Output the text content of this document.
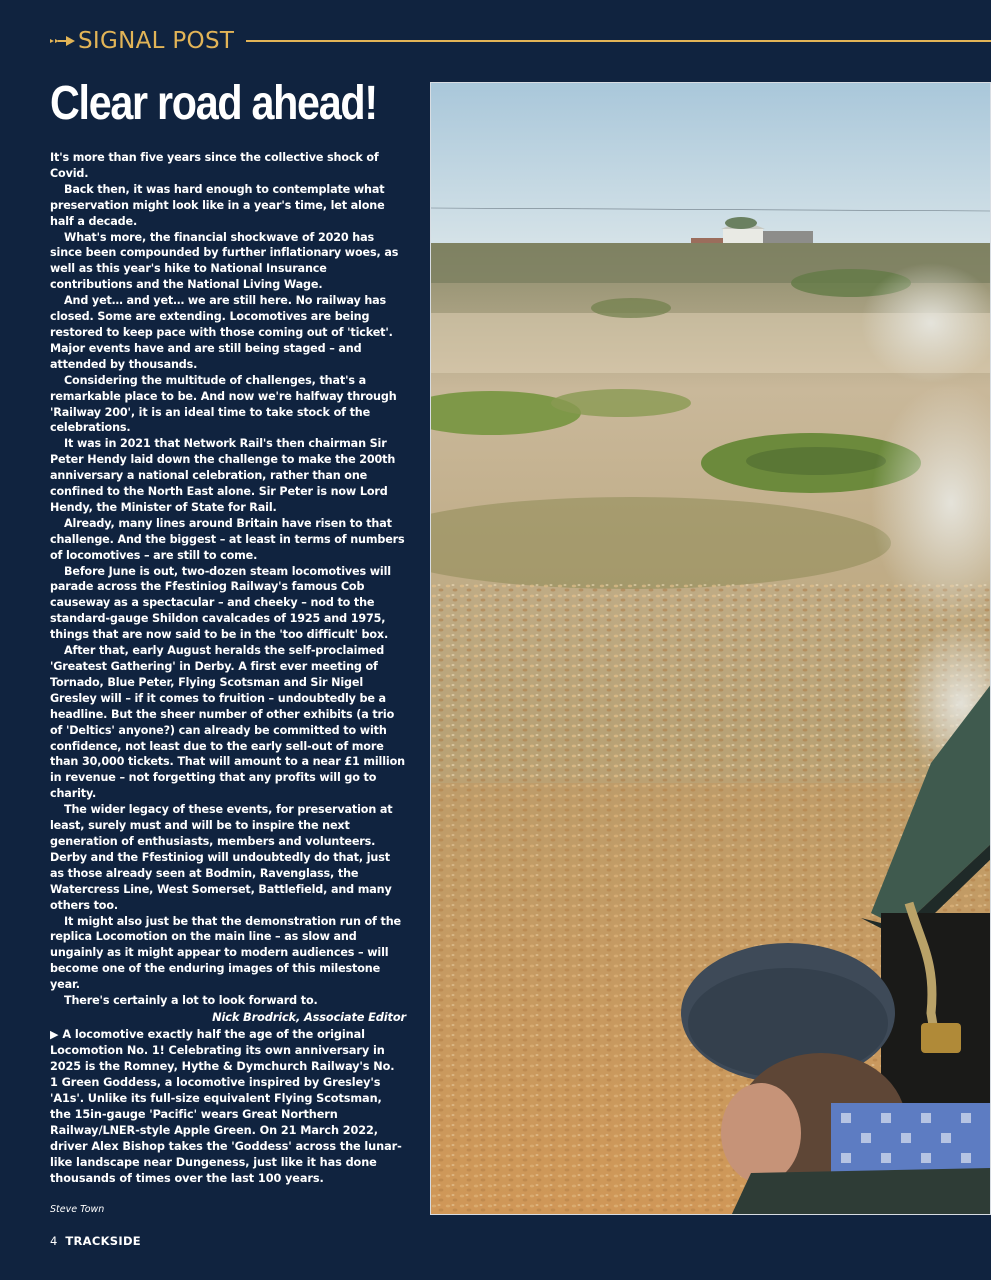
SIGNAL POST
Clear road ahead!

It's more than five years since the collective shock of Covid.

Back then, it was hard enough to contemplate what preservation might look like in a year's time, let alone half a decade.

What's more, the financial shockwave of 2020 has since been compounded by further inflationary woes, as well as this year's hike to National Insurance contributions and the National Living Wage.

And yet… and yet… we are still here. No railway has closed. Some are extending. Locomotives are being restored to keep pace with those coming out of 'ticket'. Major events have and are still being staged – and attended by thousands.

Considering the multitude of challenges, that's a remarkable place to be. And now we're halfway through 'Railway 200', it is an ideal time to take stock of the celebrations.

It was in 2021 that Network Rail's then chairman Sir Peter Hendy laid down the challenge to make the 200th anniversary a national celebration, rather than one confined to the North East alone. Sir Peter is now Lord Hendy, the Minister of State for Rail.

Already, many lines around Britain have risen to that challenge. And the biggest – at least in terms of numbers of locomotives – are still to come.

Before June is out, two-dozen steam locomotives will parade across the Ffestiniog Railway's famous Cob causeway as a spectacular – and cheeky – nod to the standard-gauge Shildon cavalcades of 1925 and 1975, things that are now said to be in the 'too difficult' box.

After that, early August heralds the self-proclaimed 'Greatest Gathering' in Derby. A first ever meeting of Tornado, Blue Peter, Flying Scotsman and Sir Nigel Gresley will – if it comes to fruition – undoubtedly be a headline. But the sheer number of other exhibits (a trio of 'Deltics' anyone?) can already be committed to with confidence, not least due to the early sell-out of more than 30,000 tickets. That will amount to a near £1 million in revenue – not forgetting that any profits will go to charity.

The wider legacy of these events, for preservation at least, surely must and will be to inspire the next generation of enthusiasts, members and volunteers. Derby and the Ffestiniog will undoubtedly do that, just as those already seen at Bodmin, Ravenglass, the Watercress Line, West Somerset, Battlefield, and many others too.

It might also just be that the demonstration run of the replica Locomotion on the main line – as slow and ungainly as it might appear to modern audiences – will become one of the enduring images of this milestone year.

There's certainly a lot to look forward to.

Nick Brodrick, Associate Editor
▶ A locomotive exactly half the age of the original Locomotion No. 1! Celebrating its own anniversary in 2025 is the Romney, Hythe & Dymchurch Railway's No. 1 Green Goddess, a locomotive inspired by Gresley's 'A1s'. Unlike its full-size equivalent Flying Scotsman, the 15in-gauge 'Pacific' wears Great Northern Railway/LNER-style Apple Green. On 21 March 2022, driver Alex Bishop takes the 'Goddess' across the lunar-like landscape near Dungeness, just like it has done thousands of times over the last 100 years.
Steve Town
4 TRACKSIDE
